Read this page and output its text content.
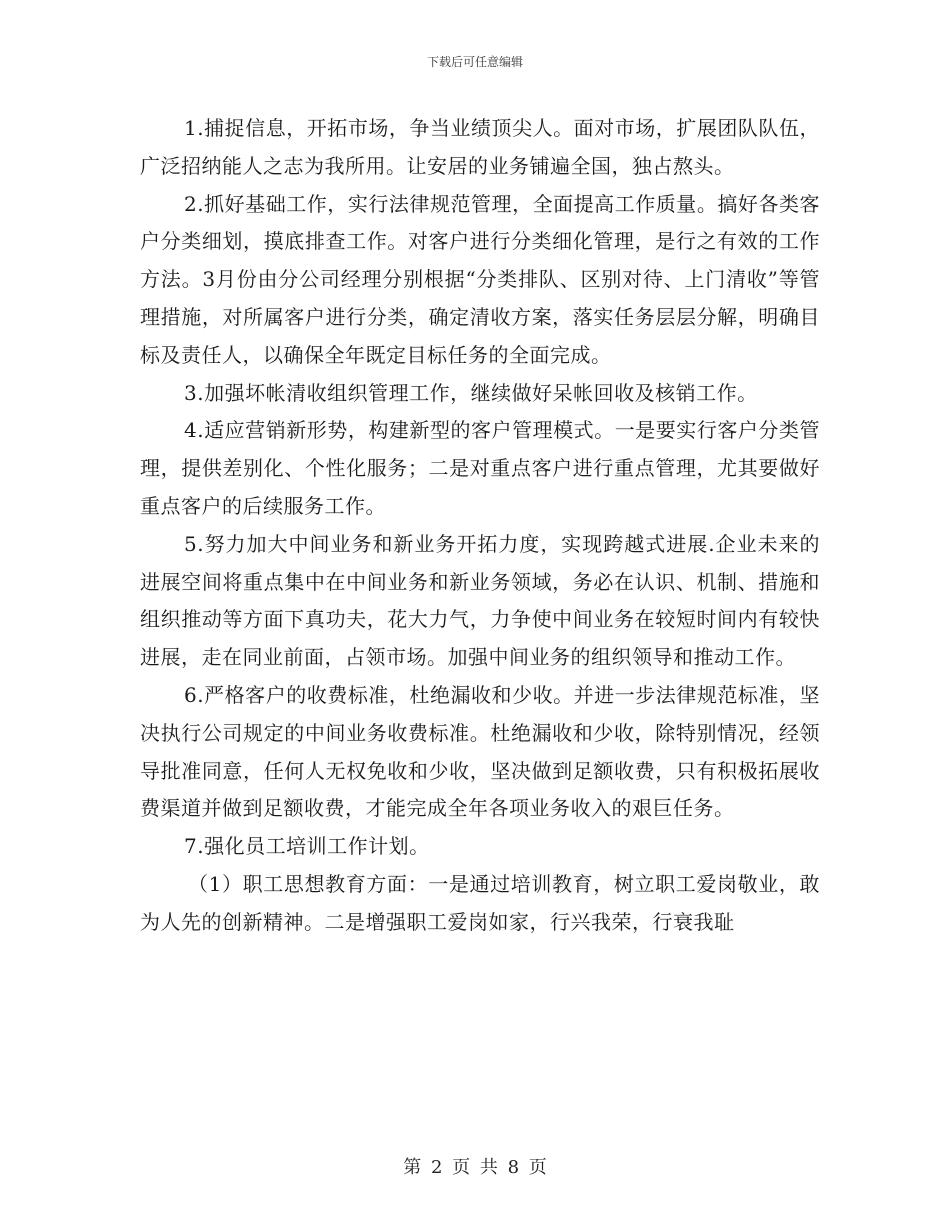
下载后可任意编辑

1.捕捉信息，开拓市场，争当业绩顶尖人。面对市场，扩展团队队伍，广泛招纳能人之志为我所用。让安居的业务铺遍全国，独占熬头。

2.抓好基础工作，实行法律规范管理，全面提高工作质量。搞好各类客户分类细划，摸底排查工作。对客户进行分类细化管理，是行之有效的工作方法。3月份由分公司经理分别根据“分类排队、区别对待、上门清收”等管理措施，对所属客户进行分类，确定清收方案，落实任务层层分解，明确目标及责任人，以确保全年既定目标任务的全面完成。

3.加强坏帐清收组织管理工作，继续做好呆帐回收及核销工作。

4.适应营销新形势，构建新型的客户管理模式。一是要实行客户分类管理，提供差别化、个性化服务；二是对重点客户进行重点管理，尤其要做好重点客户的后续服务工作。

5.努力加大中间业务和新业务开拓力度，实现跨越式进展.企业未来的进展空间将重点集中在中间业务和新业务领域，务必在认识、机制、措施和组织推动等方面下真功夫，花大力气，力争使中间业务在较短时间内有较快进展，走在同业前面，占领市场。加强中间业务的组织领导和推动工作。

6.严格客户的收费标准，杜绝漏收和少收。并进一步法律规范标准，坚决执行公司规定的中间业务收费标准。杜绝漏收和少收，除特别情况，经领导批准同意，任何人无权免收和少收，坚决做到足额收费，只有积极拓展收费渠道并做到足额收费，才能完成全年各项业务收入的艰巨任务。

7.强化员工培训工作计划。

（1）职工思想教育方面：一是通过培训教育，树立职工爱岗敬业，敢为人先的创新精神。二是增强职工爱岗如家，行兴我荣，行衰我耻

第 2 页 共 8 页
